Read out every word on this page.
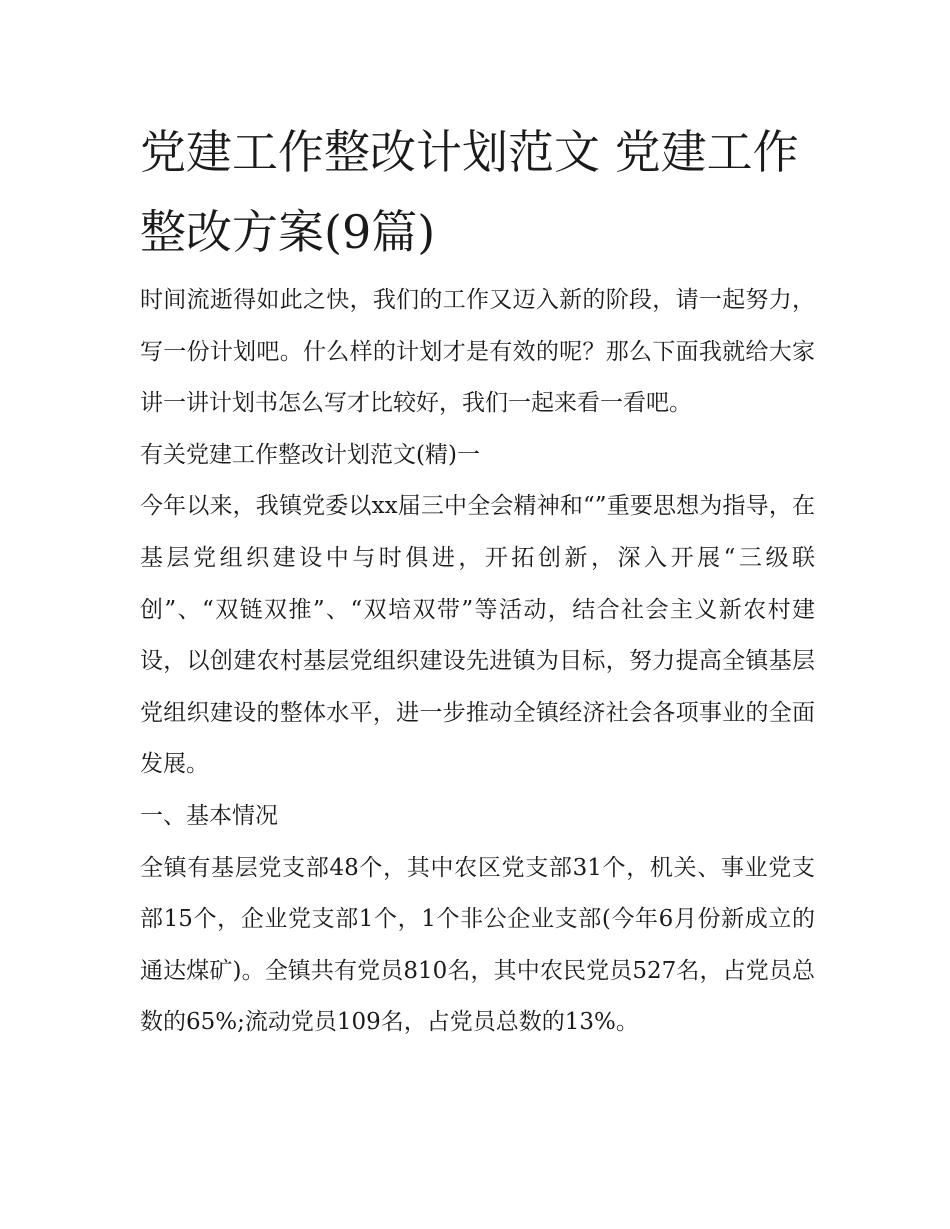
党建工作整改计划范文 党建工作整改方案(9篇)

时间流逝得如此之快，我们的工作又迈入新的阶段，请一起努力，写一份计划吧。什么样的计划才是有效的呢？那么下面我就给大家讲一讲计划书怎么写才比较好，我们一起来看一看吧。

有关党建工作整改计划范文(精)一

今年以来，我镇党委以xx届三中全会精神和“”重要思想为指导，在基层党组织建设中与时俱进，开拓创新，深入开展“三级联创”、“双链双推”、“双培双带”等活动，结合社会主义新农村建设，以创建农村基层党组织建设先进镇为目标，努力提高全镇基层党组织建设的整体水平，进一步推动全镇经济社会各项事业的全面发展。

一、基本情况

全镇有基层党支部48个，其中农区党支部31个，机关、事业党支部15个，企业党支部1个，1个非公企业支部(今年6月份新成立的通达煤矿)。全镇共有党员810名，其中农民党员527名，占党员总数的65%;流动党员109名，占党员总数的13%。
